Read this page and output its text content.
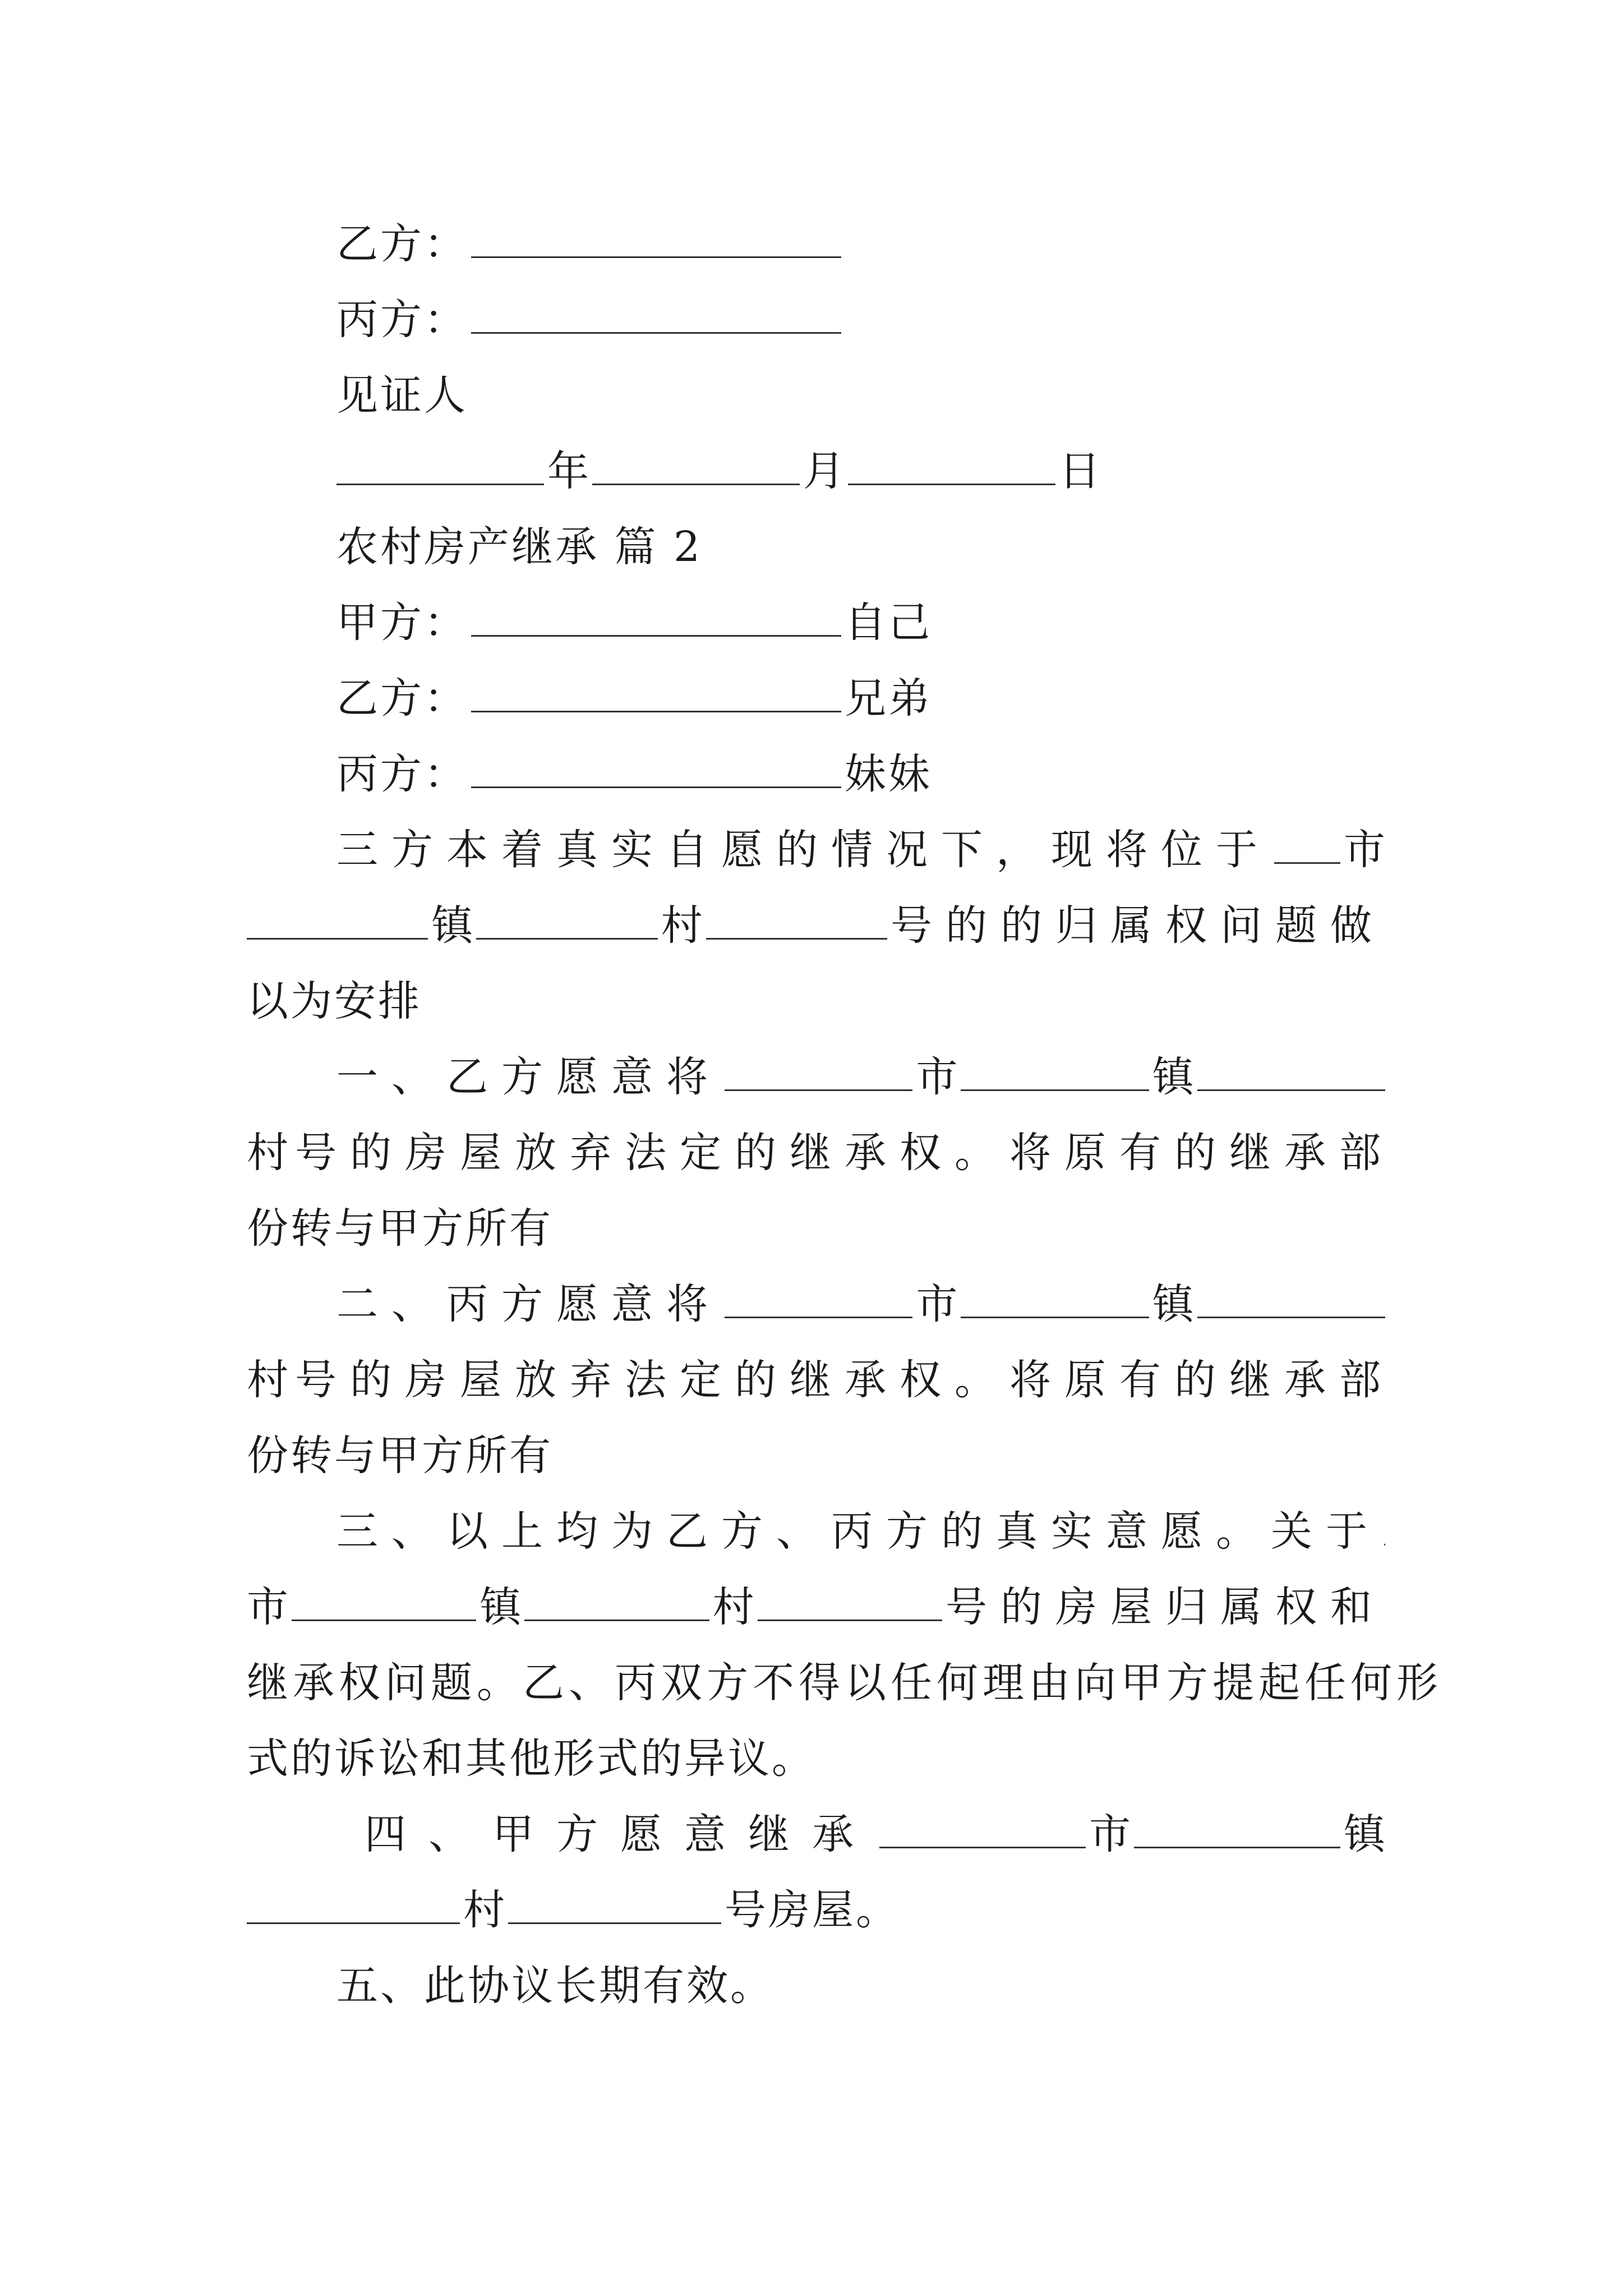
乙方：
丙方：
见证人
年	月	日
农村房产继承 篇 2
甲方：	自己
乙方：	兄弟
丙方：	妹妹
三方本着真实自愿的情况下，现将位于 市
镇	村	号的的归属权问题做
以为安排
一、乙方愿意将	市	镇
村 号的房屋放弃法定的继承权。将原有的继承部
份转与甲方所有
二、丙方愿意将	市	镇
村 号的房屋放弃法定的继承权。将原有的继承部
份转与甲方所有
三、以上均为乙方、丙方的真实意愿。关于
市	镇	村	号的房屋归属权和
继承权问题。乙、丙双方不得以任何理由向甲方提起任何形
式的诉讼和其他形式的异议。
四、甲方愿意继承	市	镇
村	号房屋。
五、此协议长期有效。
